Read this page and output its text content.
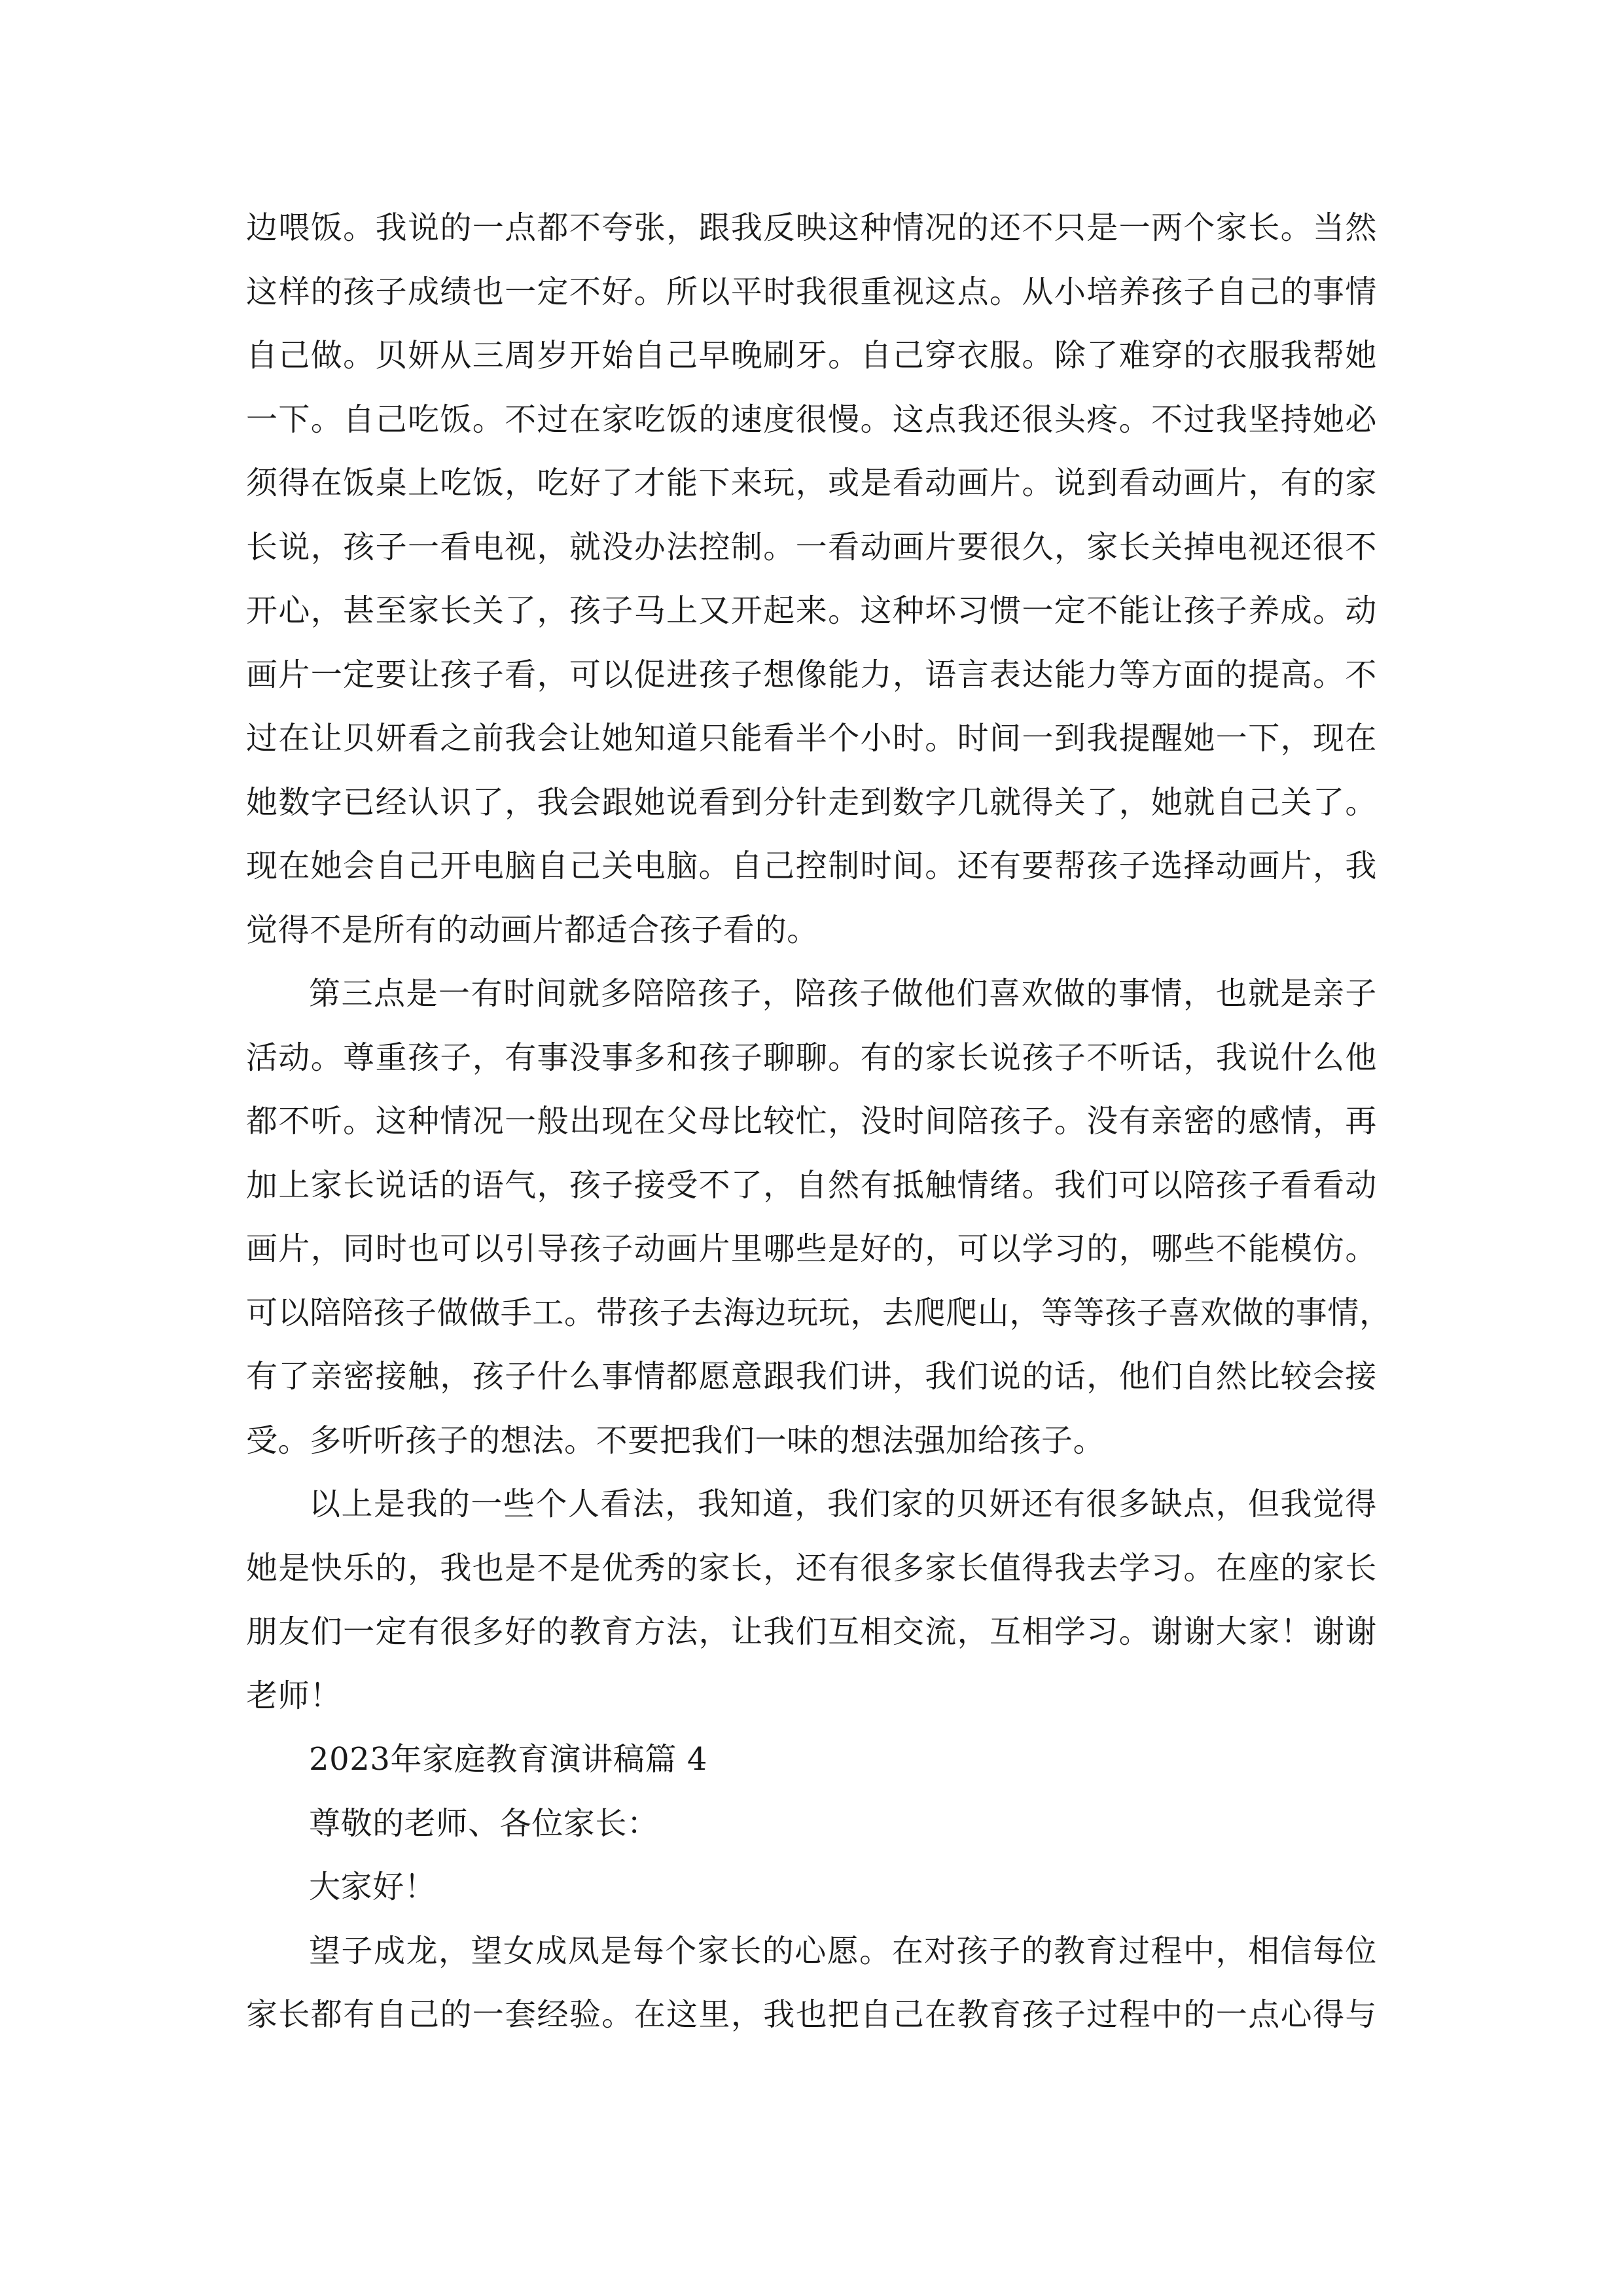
边喂饭。我说的一点都不夸张，跟我反映这种情况的还不只是一两个家长。当然
这样的孩子成绩也一定不好。所以平时我很重视这点。从小培养孩子自己的事情
自己做。贝妍从三周岁开始自己早晚刷牙。自己穿衣服。除了难穿的衣服我帮她
一下。自己吃饭。不过在家吃饭的速度很慢。这点我还很头疼。不过我坚持她必
须得在饭桌上吃饭，吃好了才能下来玩，或是看动画片。说到看动画片，有的家
长说，孩子一看电视，就没办法控制。一看动画片要很久，家长关掉电视还很不
开心，甚至家长关了，孩子马上又开起来。这种坏习惯一定不能让孩子养成。动
画片一定要让孩子看，可以促进孩子想像能力，语言表达能力等方面的提高。不
过在让贝妍看之前我会让她知道只能看半个小时。时间一到我提醒她一下，现在
她数字已经认识了，我会跟她说看到分针走到数字几就得关了，她就自己关了。
现在她会自己开电脑自己关电脑。自己控制时间。还有要帮孩子选择动画片，我
觉得不是所有的动画片都适合孩子看的。
第三点是一有时间就多陪陪孩子，陪孩子做他们喜欢做的事情，也就是亲子
活动。尊重孩子，有事没事多和孩子聊聊。有的家长说孩子不听话，我说什么他
都不听。这种情况一般出现在父母比较忙，没时间陪孩子。没有亲密的感情，再
加上家长说话的语气，孩子接受不了，自然有抵触情绪。我们可以陪孩子看看动
画片，同时也可以引导孩子动画片里哪些是好的，可以学习的，哪些不能模仿。
可以陪陪孩子做做手工。带孩子去海边玩玩，去爬爬山，等等孩子喜欢做的事情，
有了亲密接触，孩子什么事情都愿意跟我们讲，我们说的话，他们自然比较会接
受。多听听孩子的想法。不要把我们一味的想法强加给孩子。
以上是我的一些个人看法，我知道，我们家的贝妍还有很多缺点，但我觉得
她是快乐的，我也是不是优秀的家长，还有很多家长值得我去学习。在座的家长
朋友们一定有很多好的教育方法，让我们互相交流，互相学习。谢谢大家！谢谢
老师！
2023年家庭教育演讲稿篇 4
尊敬的老师、各位家长：
大家好！
望子成龙，望女成凤是每个家长的心愿。在对孩子的教育过程中，相信每位
家长都有自己的一套经验。在这里，我也把自己在教育孩子过程中的一点心得与
